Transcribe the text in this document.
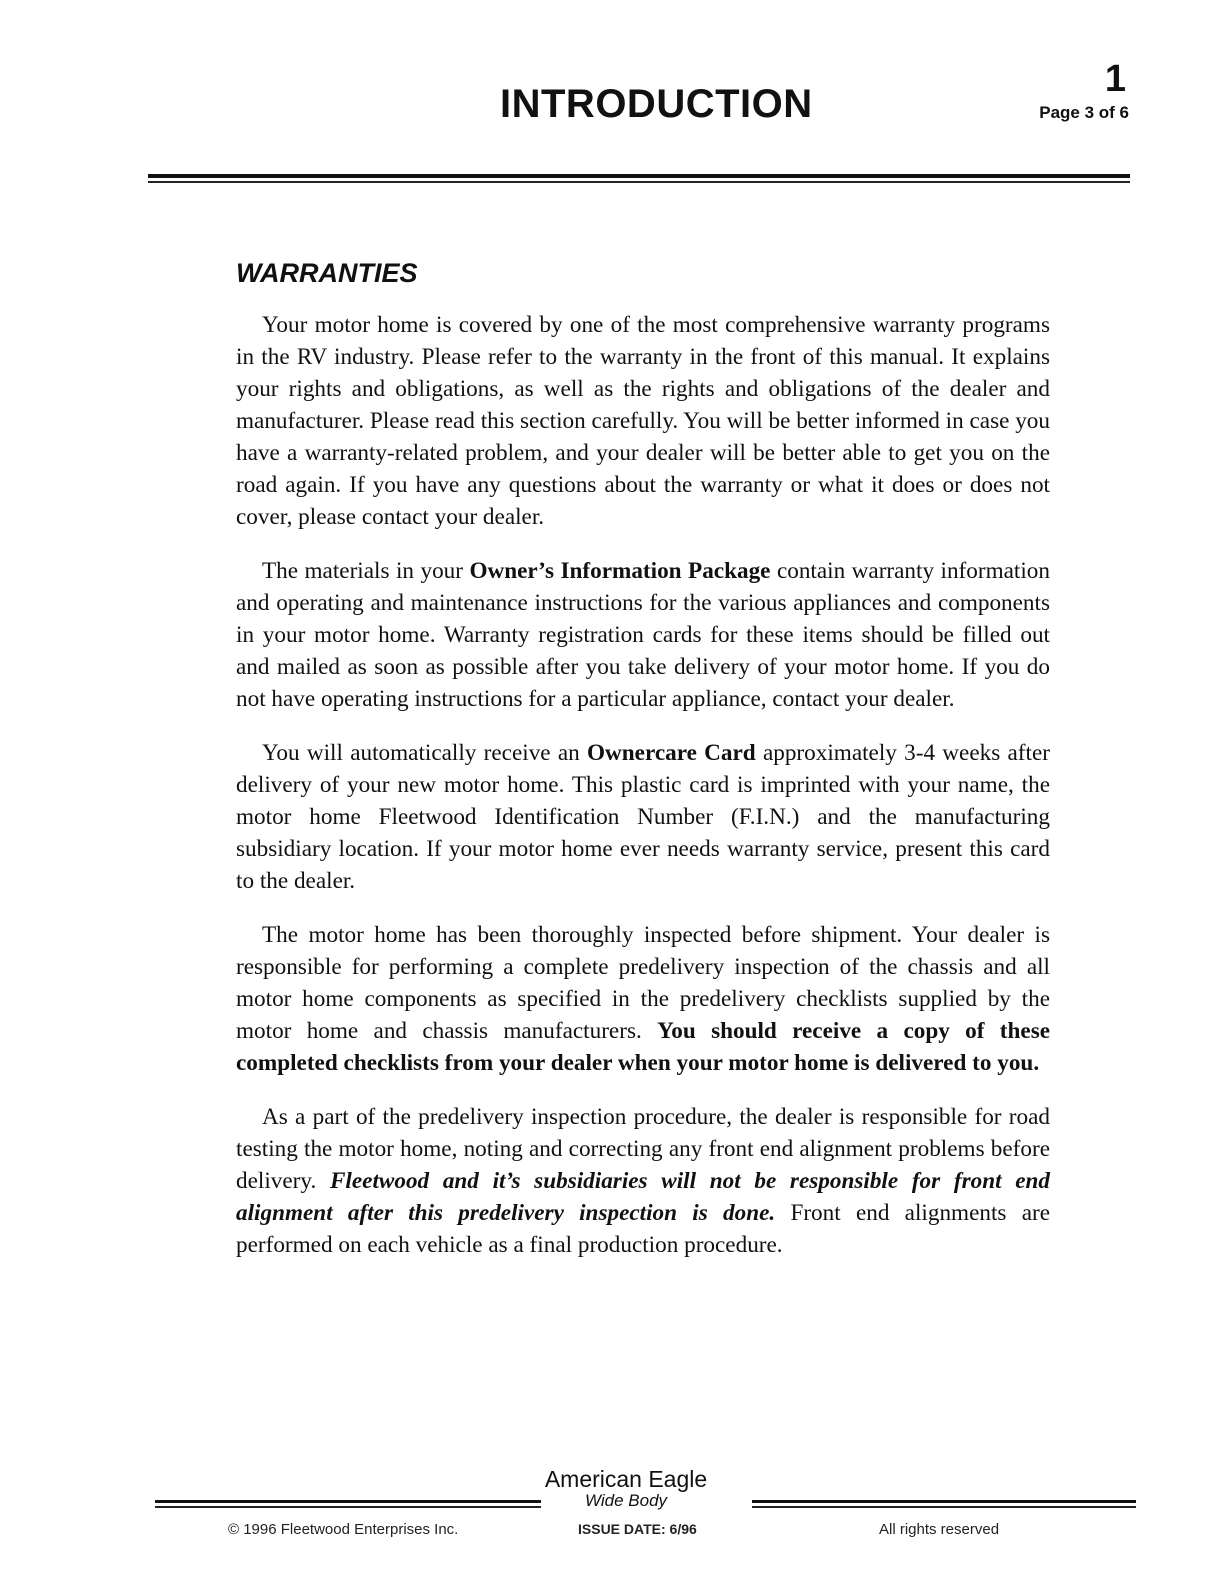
INTRODUCTION
1
Page 3 of 6
WARRANTIES

Your motor home is covered by one of the most comprehensive warranty programs in the RV industry. Please refer to the warranty in the front of this manual. It explains your rights and obligations, as well as the rights and obligations of the dealer and manufacturer. Please read this section carefully. You will be better informed in case you have a warranty-related problem, and your dealer will be better able to get you on the road again. If you have any questions about the warranty or what it does or does not cover, please contact your dealer.

The materials in your Owner’s Information Package contain warranty information and operating and maintenance instructions for the various appliances and components in your motor home. Warranty registration cards for these items should be filled out and mailed as soon as possible after you take delivery of your motor home. If you do not have operating instructions for a particular appliance, contact your dealer.

You will automatically receive an Ownercare Card approximately 3-4 weeks after delivery of your new motor home. This plastic card is imprinted with your name, the motor home Fleetwood Identification Number (F.I.N.) and the manufacturing subsidiary location. If your motor home ever needs warranty service, present this card to the dealer.

The motor home has been thoroughly inspected before shipment. Your dealer is responsible for performing a complete predelivery inspection of the chassis and all motor home components as specified in the predelivery checklists supplied by the motor home and chassis manufacturers. You should receive a copy of these completed checklists from your dealer when your motor home is delivered to you.

As a part of the predelivery inspection procedure, the dealer is responsible for road testing the motor home, noting and correcting any front end alignment problems before delivery. Fleetwood and it’s subsidiaries will not be responsible for front end alignment after this predelivery inspection is done. Front end alignments are performed on each vehicle as a final production procedure.

American Eagle
Wide Body
© 1996 Fleetwood Enterprises Inc.	ISSUE DATE: 6/96	All rights reserved
